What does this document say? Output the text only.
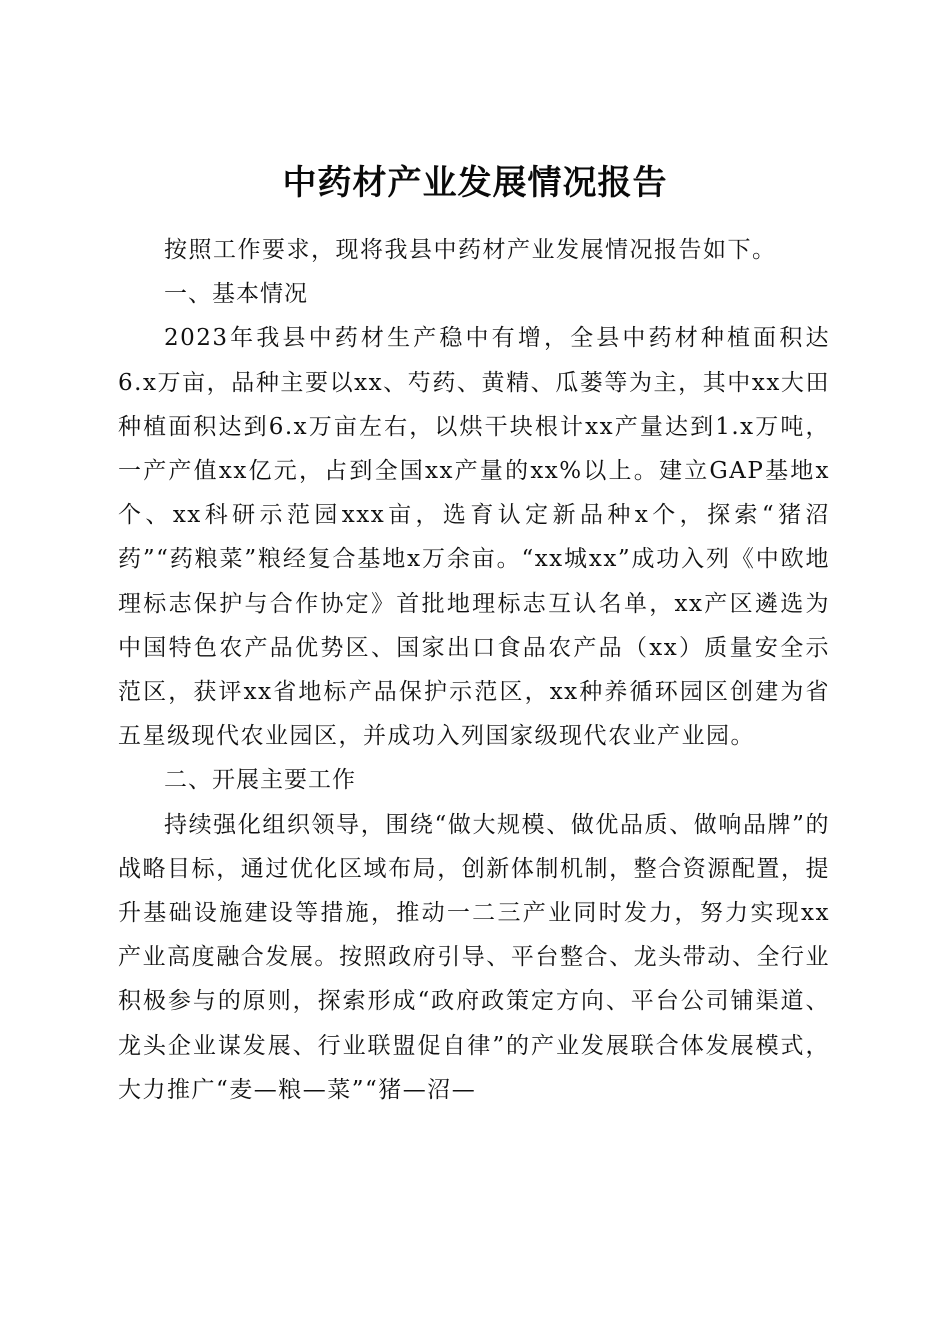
中药材产业发展情况报告

按照工作要求，现将我县中药材产业发展情况报告如下。

一、基本情况

2023年我县中药材生产稳中有增，全县中药材种植面积达6.x万亩，品种主要以xx、芍药、黄精、瓜蒌等为主，其中xx大田种植面积达到6.x万亩左右，以烘干块根计xx产量达到1.x万吨，一产产值xx亿元，占到全国xx产量的xx%以上。建立GAP基地x个、xx科研示范园xxx亩，选育认定新品种x个，探索“猪沼药”“药粮菜”粮经复合基地x万余亩。“xx城xx”成功入列《中欧地理标志保护与合作协定》首批地理标志互认名单，xx产区遴选为中国特色农产品优势区、国家出口食品农产品（xx）质量安全示范区，获评xx省地标产品保护示范区，xx种养循环园区创建为省五星级现代农业园区，并成功入列国家级现代农业产业园。

二、开展主要工作

持续强化组织领导，围绕“做大规模、做优品质、做响品牌”的战略目标，通过优化区域布局，创新体制机制，整合资源配置，提升基础设施建设等措施，推动一二三产业同时发力，努力实现xx产业高度融合发展。按照政府引导、平台整合、龙头带动、全行业积极参与的原则，探索形成“政府政策定方向、平台公司铺渠道、龙头企业谋发展、行业联盟促自律”的产业发展联合体发展模式，大力推广“麦—粮—菜”“猪—沼—
